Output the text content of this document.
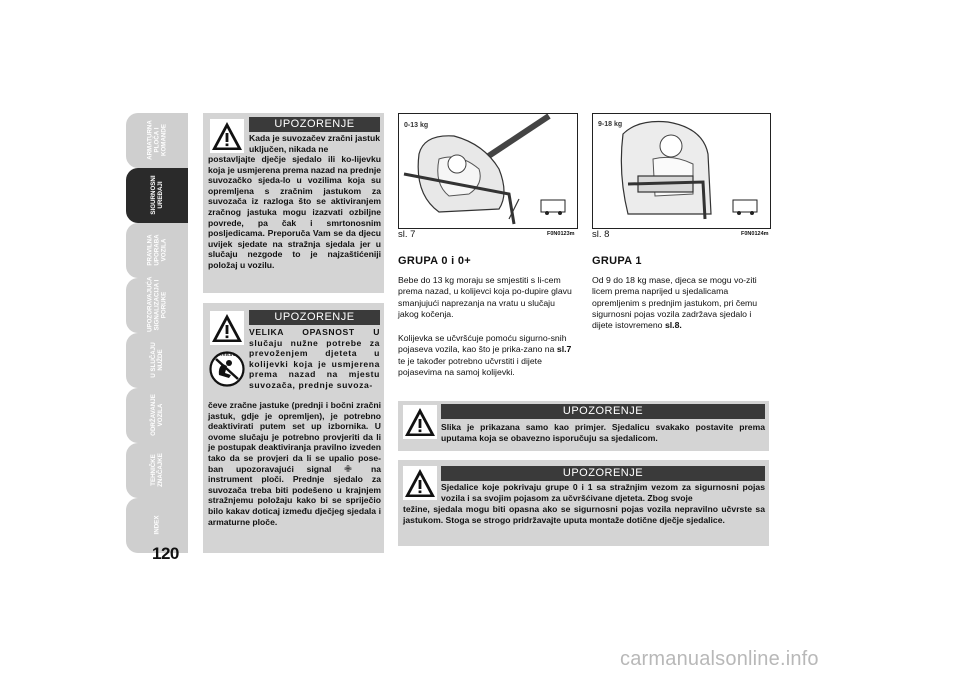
ARMATURNA
PLOČA I
KOMANDE
SIGURNOSNI
UREĐAJI
PRAVILNA
UPORABA
VOZILA
UPOZORAVAJUĆA
SIGNALIZACIJA I
PORUKE
U SLUČAJU
NUŽDE
ODRŽAVANJE
VOZILA
TEHNIČKE
ZNAČAJKE
INDEX
120
UPOZORENJE
Kada je suvozačev zračni jastuk uključen, nikada ne
postavljajte dječje sjedalo ili ko-lijevku koja je usmjerena prema nazad na prednje suvozačko sjeda-lo u vozilima koja su opremljena s zračnim jastukom za suvozača iz razloga što se aktiviranjem zračnog jastuka mogu izazvati ozbiljne povrede, pa čak i smrtonosnim posljedicama. Preporuča Vam se da djecu uvijek sjedate na stražnja sjedala jer u slučaju nezgode to je najzaštićeniji položaj u vozilu.
UPOZORENJE
AIRBAG
VELIKA OPASNOST U slučaju nužne potrebe za prevoženjem djeteta u kolijevki koja je usmjerena prema nazad na mjestu suvozača, prednje suvoza-
čeve zračne jastuke (prednji i bočni zračni jastuk, gdje je opremljen), je potrebno deaktivirati putem set up izbornika. U ovome slučaju je potrebno provjeriti da li je postupak deaktiviranja pravilno izveden tako da se provjeri da li se upalio pose-ban upozoravajući signal ✙ na instrument ploči. Prednje sjedalo za suvozača treba biti podešeno u krajnjem stražnjemu položaju kako bi se spriječio bilo kakav doticaj između dječjeg sjedala i armaturne ploče.
0-13 kg
sl. 7	F0N0123m
9-18 kg
sl. 8	F0N0124m
GRUPA 0 i 0+
Bebe do 13 kg moraju se smjestiti s li-cem prema nazad, u kolijevci koja po-dupire glavu smanjujući naprezanja na vratu u slučaju jakog kočenja.
Kolijevka se učvršćuje pomoću sigurno-snih pojaseva vozila, kao što je prika-zano na sl.7 te je također potrebno učvrstiti i dijete pojasevima na samoj kolijevki.
GRUPA 1
Od 9 do 18 kg mase, djeca se mogu vo-ziti licem prema naprijed u sjedalicama opremljenim s prednjim jastukom, pri čemu sigurnosni pojas vozila zadržava sjedalo i dijete istovremeno sl.8.
UPOZORENJE
Slika je prikazana samo kao primjer. Sjedalicu svakako postavite prema uputama koja se obavezno isporučuju sa sjedalicom.
UPOZORENJE
Sjedalice koje pokrivaju grupe 0 i 1 sa stražnjim vezom za sigurnosni pojas vozila i sa svojim pojasom za učvršćivane djeteta. Zbog svoje
težine, sjedala mogu biti opasna ako se sigurnosni pojas vozila nepravilno učvrste sa jastukom. Stoga se strogo pridržavajte uputa montaže dotične dječje sjedalice.
carmanualsonline.info
